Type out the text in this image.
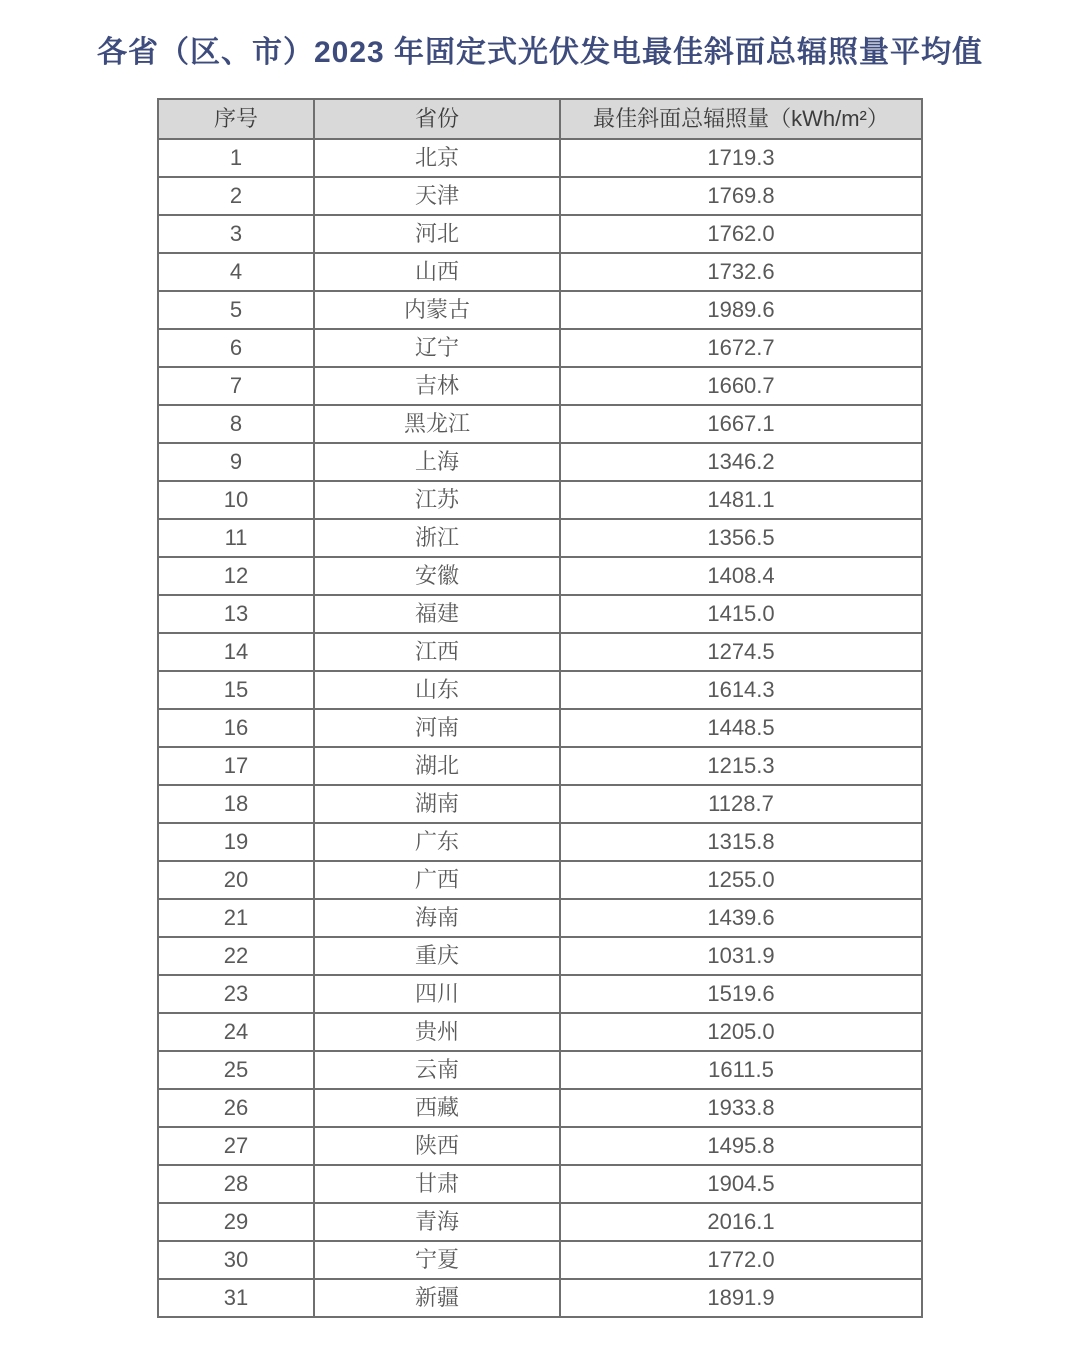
各省（区、市）2023 年固定式光伏发电最佳斜面总辐照量平均值
序号	省份	最佳斜面总辐照量（kWh/m²）
1	北京	1719.3
2	天津	1769.8
3	河北	1762.0
4	山西	1732.6
5	内蒙古	1989.6
6	辽宁	1672.7
7	吉林	1660.7
8	黑龙江	1667.1
9	上海	1346.2
10	江苏	1481.1
11	浙江	1356.5
12	安徽	1408.4
13	福建	1415.0
14	江西	1274.5
15	山东	1614.3
16	河南	1448.5
17	湖北	1215.3
18	湖南	1128.7
19	广东	1315.8
20	广西	1255.0
21	海南	1439.6
22	重庆	1031.9
23	四川	1519.6
24	贵州	1205.0
25	云南	1611.5
26	西藏	1933.8
27	陕西	1495.8
28	甘肃	1904.5
29	青海	2016.1
30	宁夏	1772.0
31	新疆	1891.9
